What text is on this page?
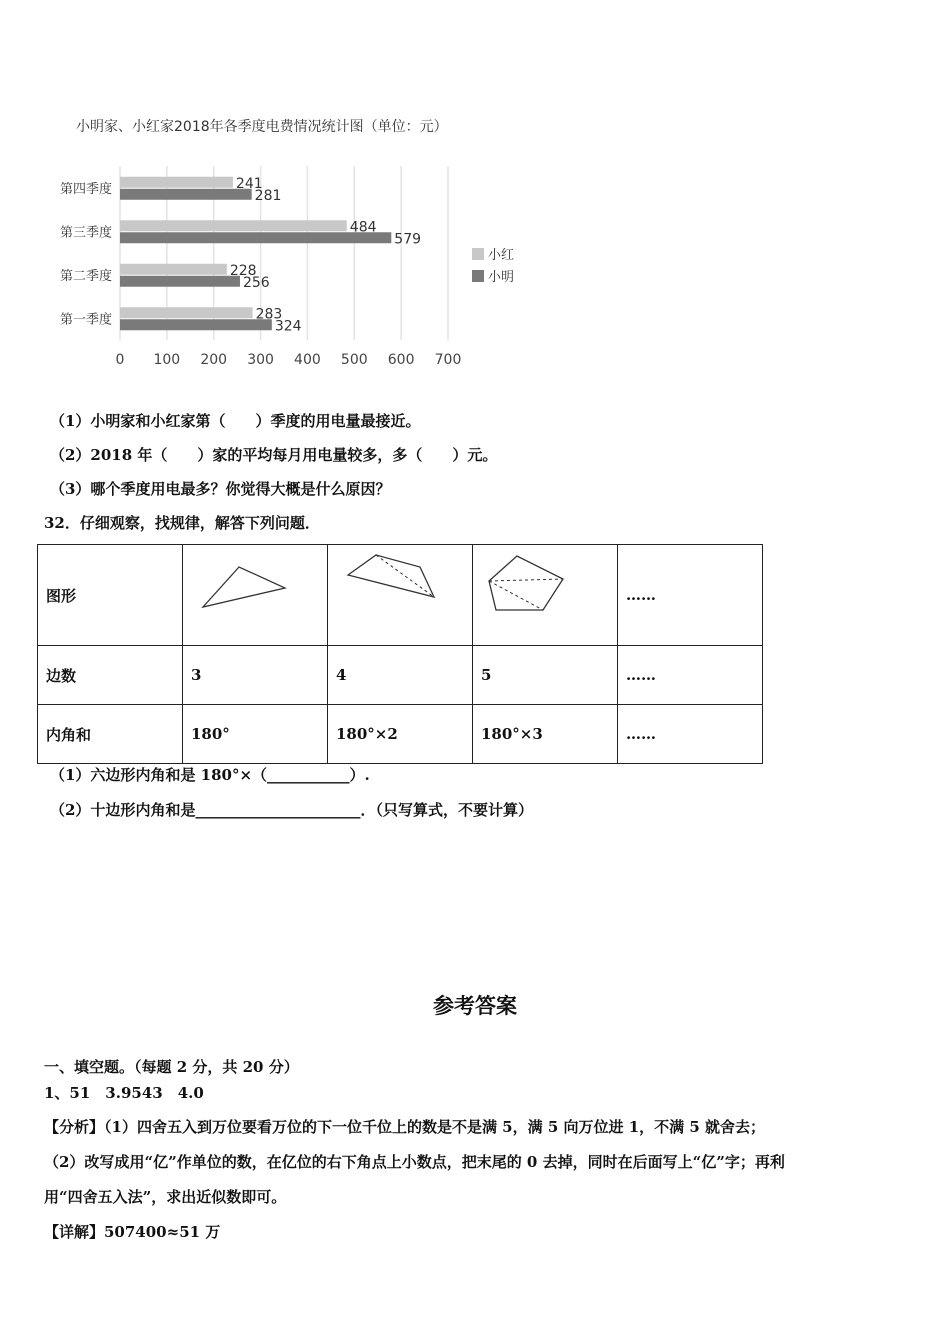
小明家、小红家2018年各季度电费情况统计图（单位：元）
0 100 200 300 400 500 600 700
第四季度	241
281
第三季度	484
579
第二季度	228
256
第一季度	283
324
小红
小明
（1）小明家和小红家第（　　）季度的用电量最接近。
（2）2018 年（　　）家的平均每月用电量较多，多（　　）元。
（3）哪个季度用电最多？你觉得大概是什么原因？
32．仔细观察，找规律，解答下列问题．
图形				……
边数	3	4	5	……
内角和	180°	180°×2	180°×3	……
（1）六边形内角和是 180°×（___________）.
（2）十边形内角和是______________________．（只写算式，不要计算）
参考答案
一、填空题。（每题 2 分，共 20 分）
1、51　3.9543　4.0
【分析】（1）四舍五入到万位要看万位的下一位千位上的数是不是满 5，满 5 向万位进 1，不满 5 就舍去；
（2）改写成用“亿”作单位的数，在亿位的右下角点上小数点，把末尾的 0 去掉，同时在后面写上“亿”字；再利
用“四舍五入法”，求出近似数即可。
【详解】507400≈51 万
